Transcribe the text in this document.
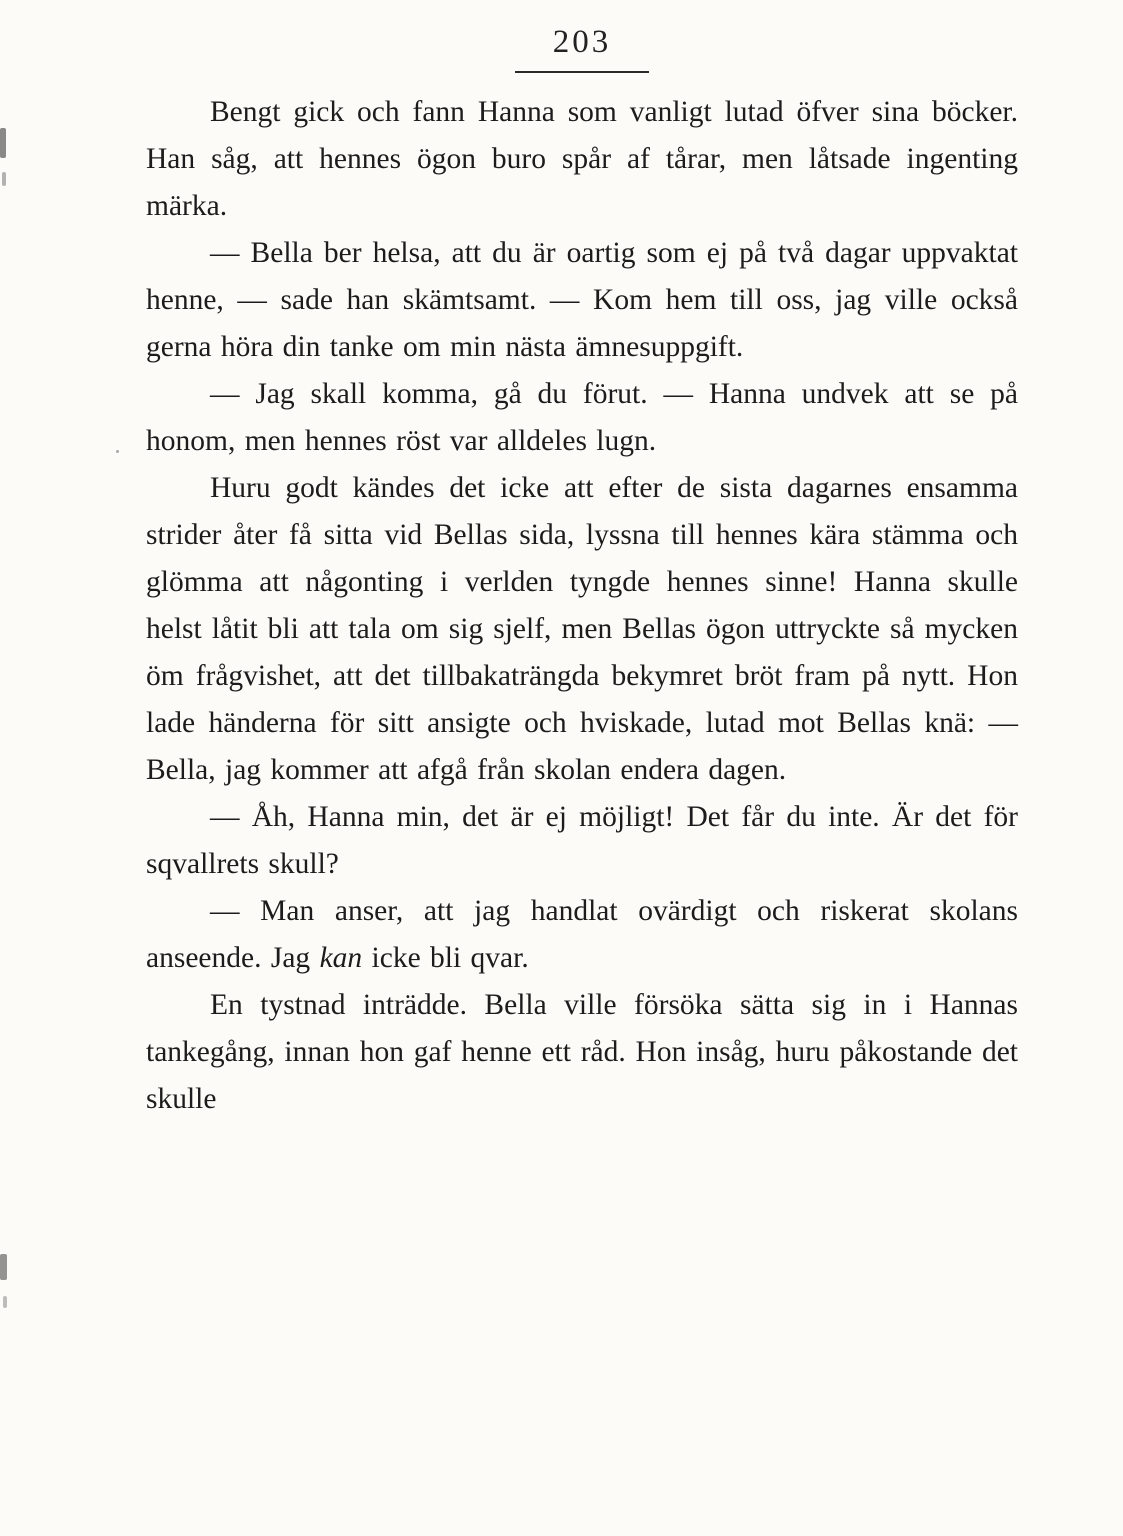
203

Bengt gick och fann Hanna som vanligt lutad öfver sina böcker. Han såg, att hennes ögon buro spår af tårar, men låtsade ingenting märka.

— Bella ber helsa, att du är oartig som ej på två dagar uppvaktat henne, — sade han skämtsamt. — Kom hem till oss, jag ville också gerna höra din tanke om min nästa ämnesuppgift.

— Jag skall komma, gå du förut. — Hanna undvek att se på honom, men hennes röst var alldeles lugn.

Huru godt kändes det icke att efter de sista dagarnes ensamma strider åter få sitta vid Bellas sida, lyssna till hennes kära stämma och glömma att någonting i verlden tyngde hennes sinne! Hanna skulle helst låtit bli att tala om sig sjelf, men Bellas ögon uttryckte så mycken öm frågvishet, att det tillbakaträngda bekymret bröt fram på nytt. Hon lade händerna för sitt ansigte och hviskade, lutad mot Bellas knä: — Bella, jag kommer att afgå från skolan endera dagen.

— Åh, Hanna min, det är ej möjligt! Det får du inte. Är det för sqvallrets skull?

— Man anser, att jag handlat ovärdigt och riskerat skolans anseende. Jag kan icke bli qvar.

En tystnad inträdde. Bella ville försöka sätta sig in i Hannas tankegång, innan hon gaf henne ett råd. Hon insåg, huru påkostande det skulle
